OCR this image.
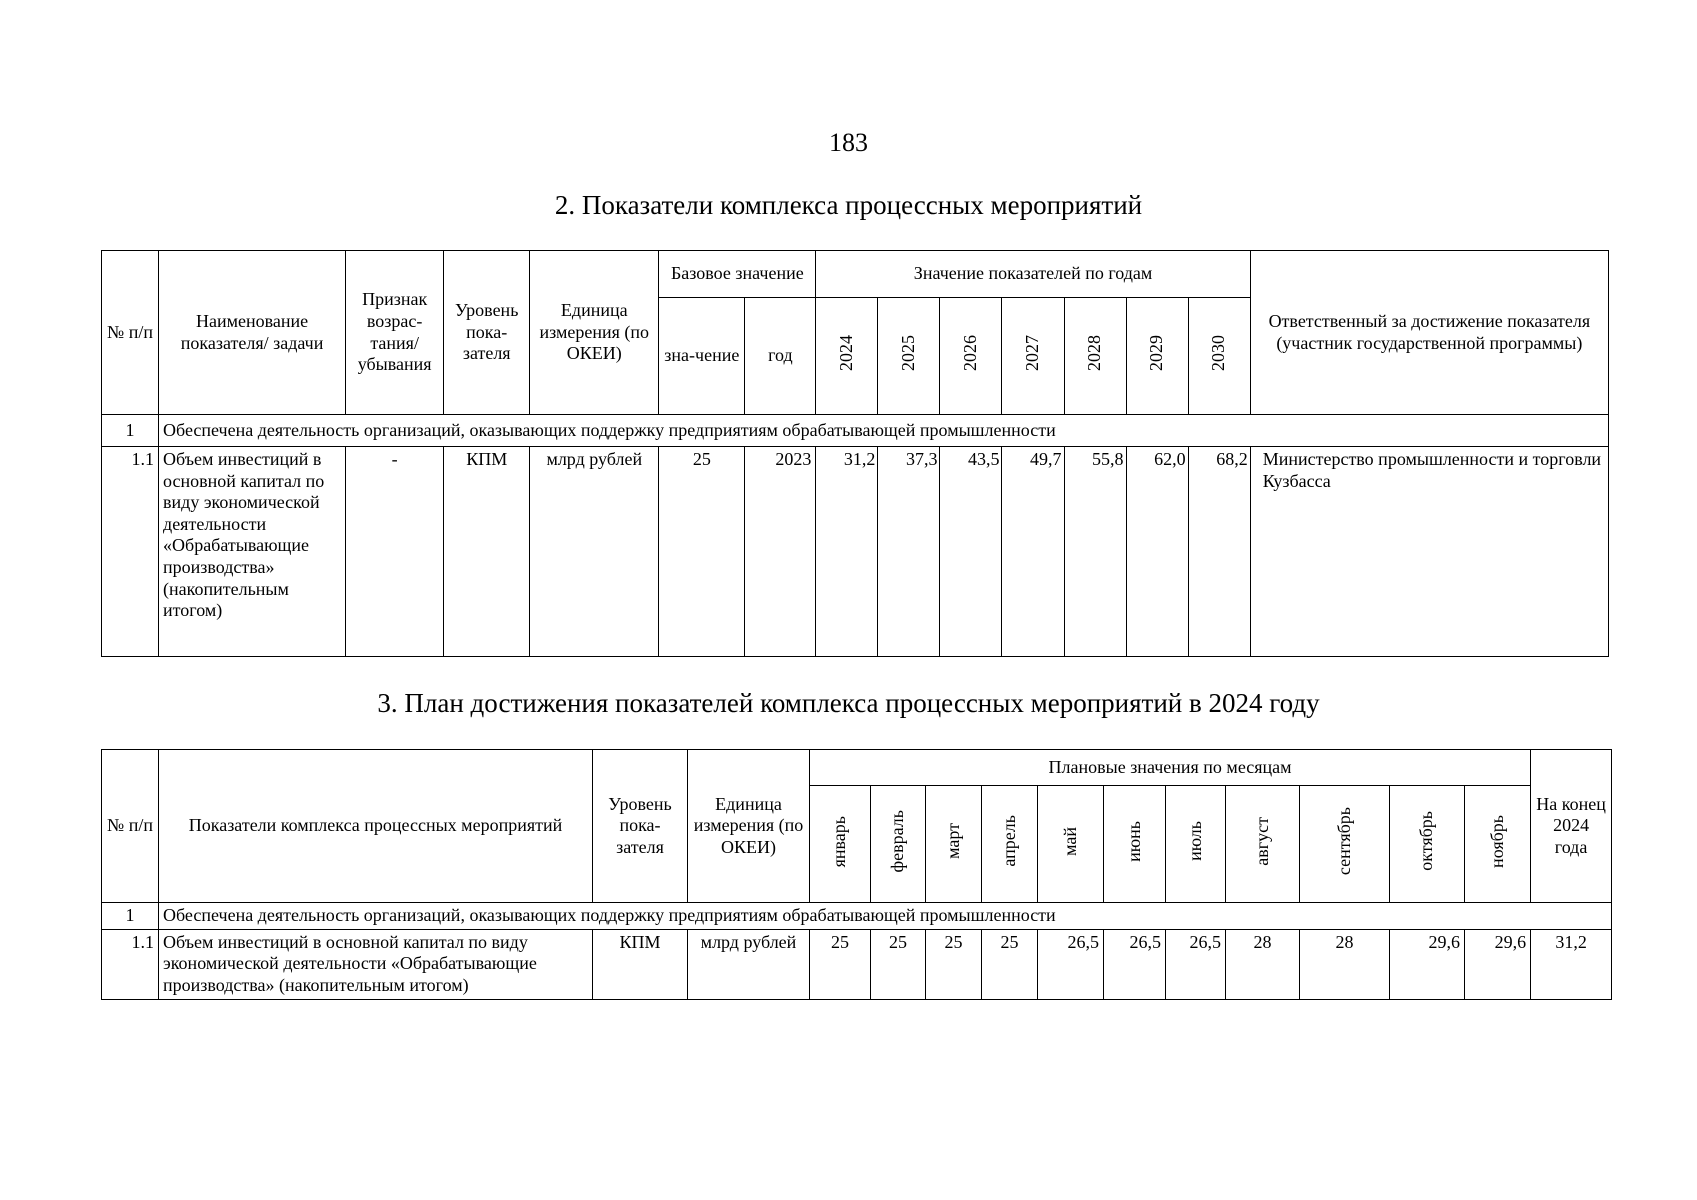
183
2. Показатели комплекса процессных мероприятий
№ п/п	Наименование показателя/ задачи	Признак возрас-тания/ убывания	Уровень пока-зателя	Единица измерения (по ОКЕИ)	Базовое значение		Значение показателей по годам							Ответственный за достижение показателя (участник государственной программы)
					зна-чение	год	2024	2025	2026	2027	2028	2029	2030	
1	Обеспечена деятельность организаций, оказывающих поддержку предприятиям обрабатывающей промышленности													
1.1	Объем инвестиций в основной капитал по виду экономической деятельности «Обрабатывающие производства» (накопительным итогом)	-	КПМ	млрд рублей	25	2023	31,2	37,3	43,5	49,7	55,8	62,0	68,2	Министерство промышленности и торговли Кузбасса
3. План достижения показателей комплекса процессных мероприятий в 2024 году
№ п/п	Показатели комплекса процессных мероприятий	Уровень пока-зателя	Единица измерения (по ОКЕИ)	Плановые значения по месяцам											На конец 2024 года
				январь	февраль	март	апрель	май	июнь	июль	август	сентябрь	октябрь	ноябрь	
1	Обеспечена деятельность организаций, оказывающих поддержку предприятиям обрабатывающей промышленности														
1.1	Объем инвестиций в основной капитал по виду экономической деятельности «Обрабатывающие производства» (накопительным итогом)	КПМ	млрд рублей	25	25	25	25	26,5	26,5	26,5	28	28	29,6	29,6	31,2
